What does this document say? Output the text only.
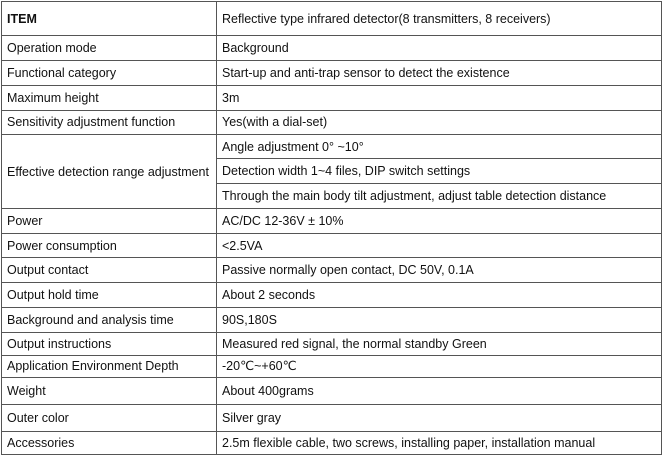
ITEM	Reflective type infrared detector(8 transmitters, 8 receivers)
Operation mode	Background
Functional category	Start-up and anti-trap sensor to detect the existence
Maximum height	3m
Sensitivity adjustment function	Yes(with a dial-set)
Effective detection range adjustment	Angle adjustment 0° ~10°
	Detection width 1~4 files, DIP switch settings
	Through the main body tilt adjustment, adjust table detection distance
Power	AC/DC 12-36V ± 10%
Power consumption	<2.5VA
Output contact	Passive normally open contact, DC 50V, 0.1A
Output hold time	About 2 seconds
Background and analysis time	90S,180S
Output instructions	Measured red signal, the normal standby Green
Application Environment Depth	-20℃~+60℃
Weight	About 400grams
Outer color	Silver gray
Accessories	2.5m flexible cable, two screws, installing paper, installation manual
